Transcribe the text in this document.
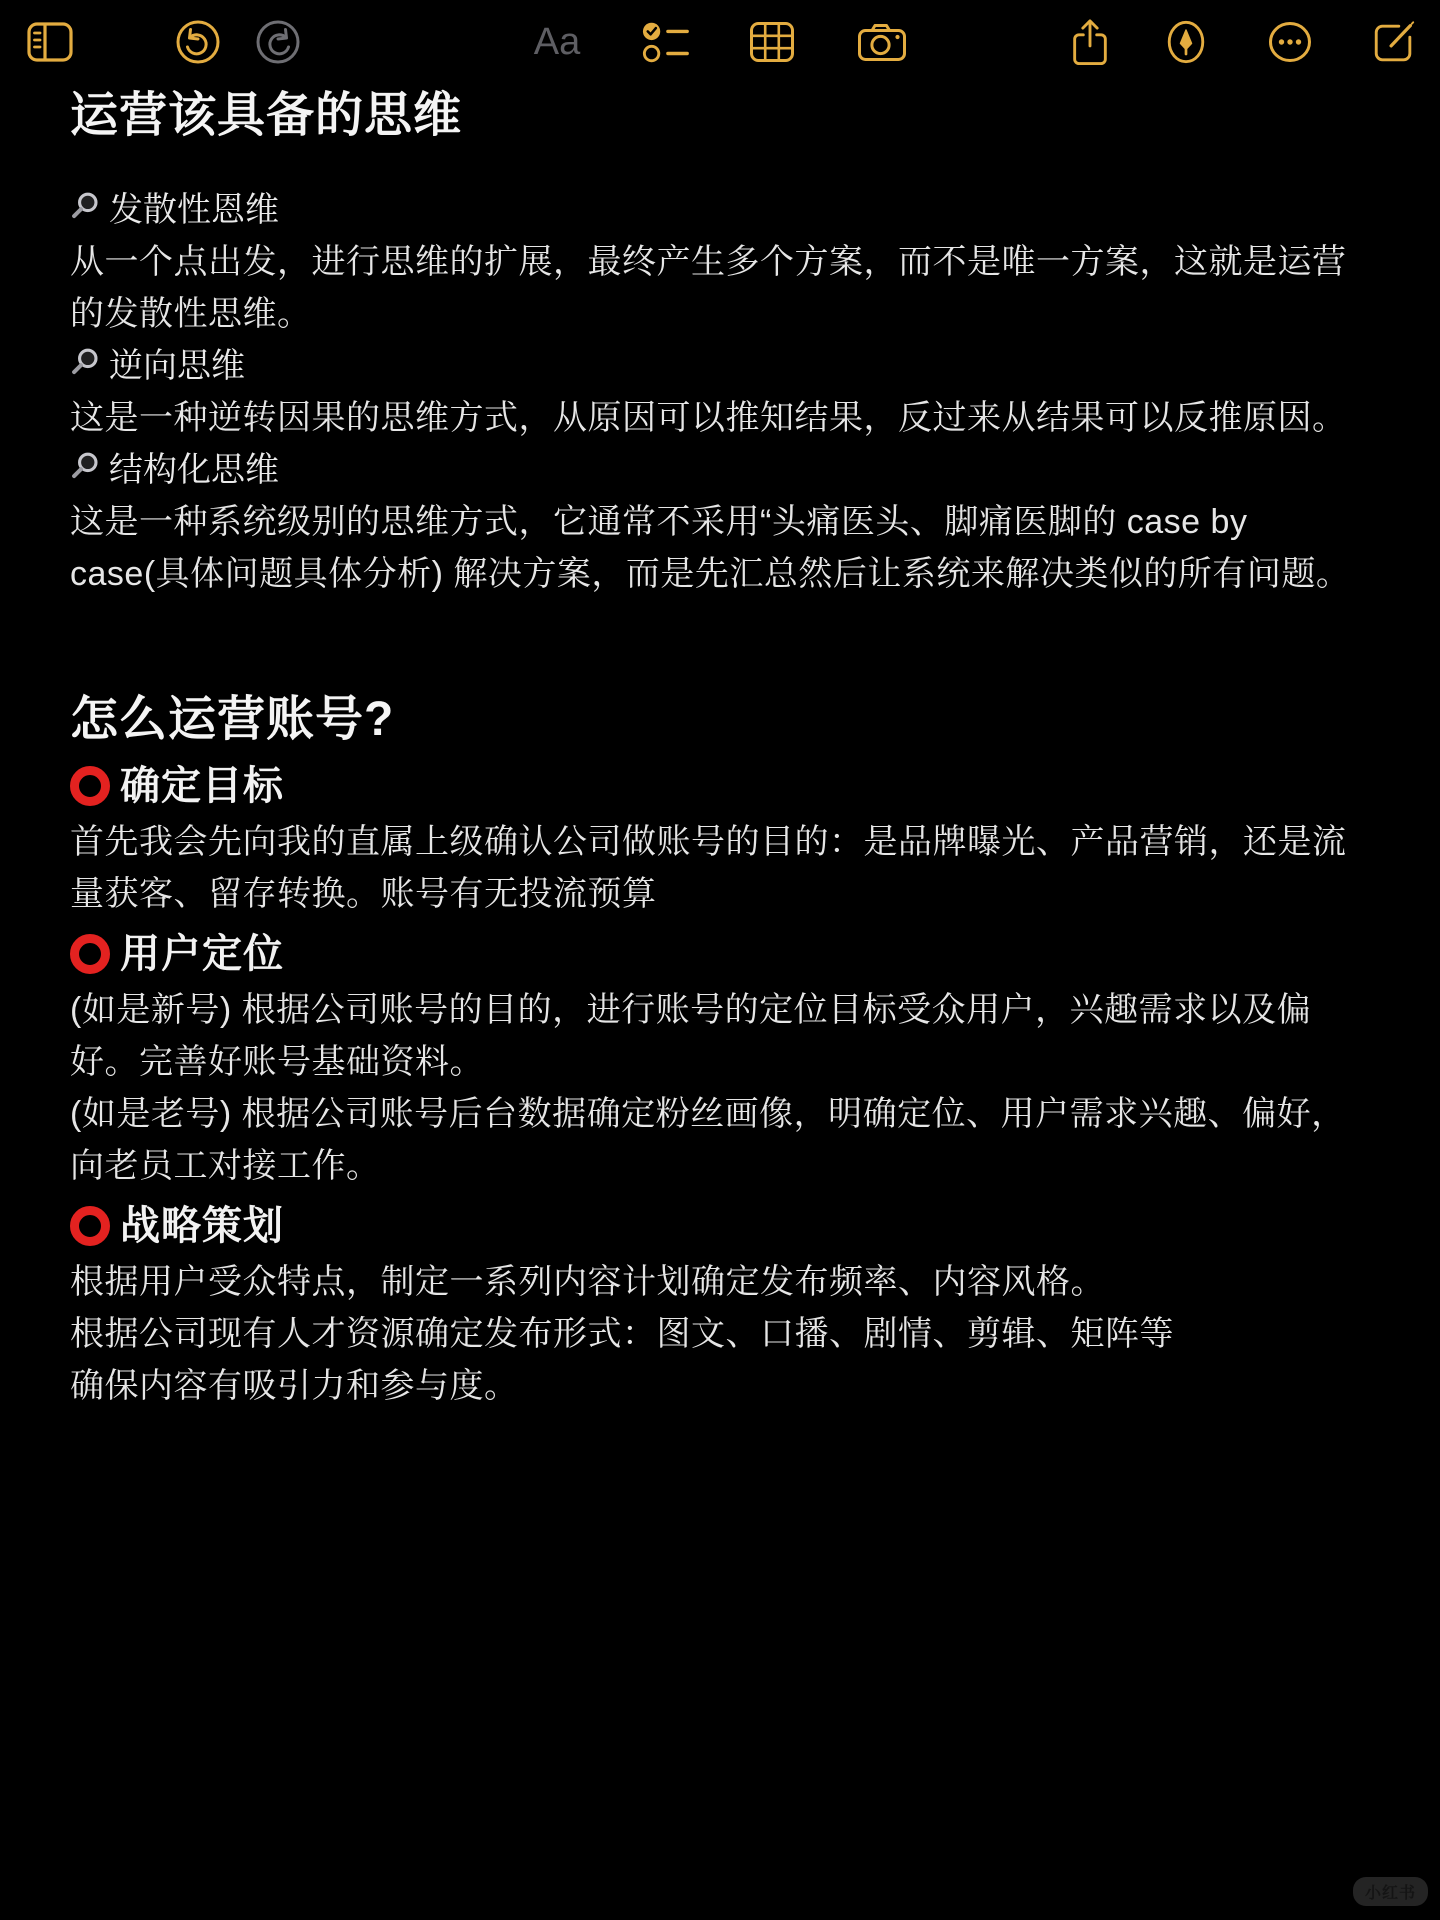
Aa
运营该具备的思维
发散性恩维

从一个点出发，进行思维的扩展，最终产生多个方案，而不是唯一方案，这就是运营的发散性思维。

逆向思维

这是一种逆转因果的思维方式，从原因可以推知结果，反过来从结果可以反推原因。

结构化思维

这是一种系统级别的思维方式，它通常不采用“头痛医头、脚痛医脚的 case by case(具体问题具体分析) 解决方案，而是先汇总然后让系统来解决类似的所有问题。

怎么运营账号?
确定目标

首先我会先向我的直属上级确认公司做账号的目的：是品牌曝光、产品营销，还是流量获客、留存转换。账号有无投流预算

用户定位

(如是新号) 根据公司账号的目的，进行账号的定位目标受众用户，兴趣需求以及偏好。完善好账号基础资料。

(如是老号) 根据公司账号后台数据确定粉丝画像，明确定位、用户需求兴趣、偏好，向老员工对接工作。

战略策划

根据用户受众特点，制定一系列内容计划确定发布频率、内容风格。

根据公司现有人才资源确定发布形式：图文、口播、剧情、剪辑、矩阵等

确保内容有吸引力和参与度。

小红书
